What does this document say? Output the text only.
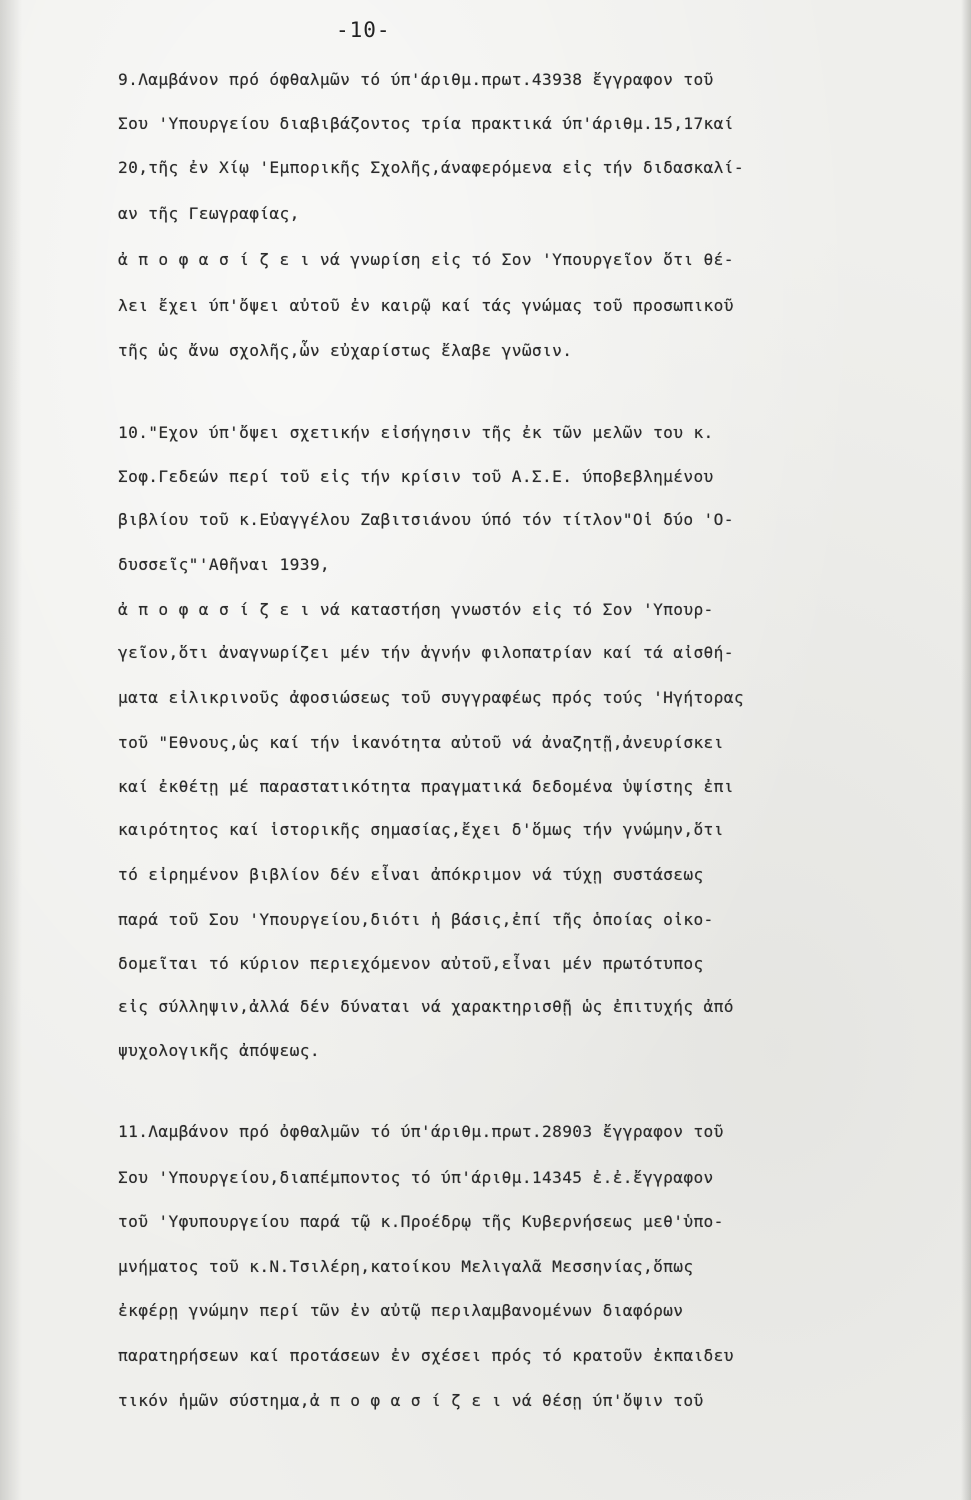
-10-
9.Λαμβάνον πρό όφθαλμῶν τό ύπ'άριθμ.πρωτ.43938 ἔγγραφον τοῦ
Σου 'Υπουργείου διαβιβάζοντος τρία πρακτικά ύπ'άριθμ.15,17καί
20,τῆς ἐν Χίῳ 'Εμπορικῆς Σχολῆς,άναφερόμενα εἰς τήν διδασκαλί-
αν τῆς Γεωγραφίας,
ἀ π ο φ α σ ί ζ ε ι νά γνωρίση εἰς τό Σον 'Υπουργεῖον ὅτι θέ-
λει ἔχει ύπ'ὄψει αὐτοῦ ἐν καιρῷ καί τάς γνώμας τοῦ προσωπικοῦ
τῆς ὡς ἄνω σχολῆς,ὧν εὐχαρίστως ἔλαβε γνῶσιν.
10."Εχον ύπ'ὄψει σχετικήν εἰσήγησιν τῆς ἐκ τῶν μελῶν του κ.
Σοφ.Γεδεών περί τοῦ εἰς τήν κρίσιν τοῦ Α.Σ.Ε. ύποβεβλημένου
βιβλίου τοῦ κ.Εὐαγγέλου Ζαβιτσιάνου ύπό τόν τίτλον"Οἱ δύο 'Ο-
δυσσεῖς"'Αθῆναι 1939,
ἀ π ο φ α σ ί ζ ε ι νά καταστήση γνωστόν εἰς τό Σον 'Υπουρ-
γεῖον,ὅτι ἀναγνωρίζει μέν τήν ἁγνήν φιλοπατρίαν καί τά αἰσθή-
ματα εἰλικρινοῦς ἀφοσιώσεως τοῦ συγγραφέως πρός τούς 'Ηγήτορας
τοῦ "Εθνους,ὡς καί τήν ἱκανότητα αὐτοῦ νά ἀναζητῇ,ἀνευρίσκει
καί ἐκθέτῃ μέ παραστατικότητα πραγματικά δεδομένα ὑψίστης ἐπι
καιρότητος καί ἱστορικῆς σημασίας,ἔχει δ'ὅμως τήν γνώμην,ὅτι
τό εἰρημένον βιβλίον δέν εἶναι ἀπόκριμον νά τύχῃ συστάσεως
παρά τοῦ Σου 'Υπουργείου,διότι ἡ βάσις,ἐπί τῆς ὁποίας οἰκο-
δομεῖται τό κύριον περιεχόμενον αὐτοῦ,εἶναι μέν πρωτότυπος
εἰς σύλληψιν,ἀλλά δέν δύναται νά χαρακτηρισθῇ ὡς ἐπιτυχής ἀπό
ψυχολογικῆς ἀπόψεως.
11.Λαμβάνον πρό ὀφθαλμῶν τό ύπ'άριθμ.πρωτ.28903 ἔγγραφον τοῦ
Σου 'Υπουργείου,διαπέμποντος τό ύπ'άριθμ.14345 ἐ.ἐ.ἔγγραφον
τοῦ 'Υφυπουργείου παρά τῷ κ.Προέδρῳ τῆς Κυβερνήσεως μεθ'ὑπο-
μνήματος τοῦ κ.Ν.Τσιλέρη,κατοίκου Μελιγαλᾶ Μεσσηνίας,ὅπως
ἐκφέρῃ γνώμην περί τῶν ἐν αὐτῷ περιλαμβανομένων διαφόρων
παρατηρήσεων καί προτάσεων ἐν σχέσει πρός τό κρατοῦν ἐκπαιδευ
τικόν ἡμῶν σύστημα,ἀ π ο φ α σ ί ζ ε ι νά θέσῃ ύπ'ὄψιν τοῦ
